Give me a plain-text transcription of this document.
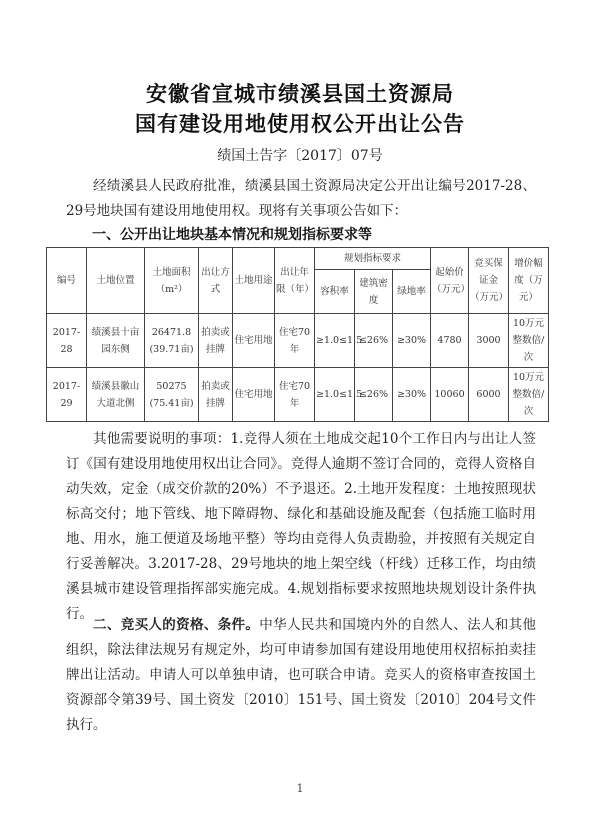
安徽省宣城市绩溪县国土资源局
国有建设用地使用权公开出让公告
绩国土告字〔2017〕07号
经绩溪县人民政府批准，绩溪县国土资源局决定公开出让编号2017-28、29号地块国有建设用地使用权。现将有关事项公告如下：
一、公开出让地块基本情况和规划指标要求等
编号	土地位置	土地面积（m²）	出让方式	土地用途	出让年限（年）	规划指标要求			起始价（万元）	竞买保证金（万元）	增价幅度（万元）
						容积率	建筑密度	绿地率			
2017-28	绩溪县十亩园东侧	26471.8
(39.71亩)	拍卖或挂牌	住宅用地	住宅70年	≥1.0≤1.5	≤26%	≥30%	4780	3000	10万元整数倍/次
2017-29	绩溪县徽山大道北侧	50275
(75.41亩)	拍卖或挂牌	住宅用地	住宅70年	≥1.0≤1.5	≤26%	≥30%	10060	6000	10万元整数倍/次
其他需要说明的事项：1.竞得人须在土地成交起10个工作日内与出让人签订《国有建设用地使用权出让合同》。竞得人逾期不签订合同的，竞得人资格自动失效，定金（成交价款的20%）不予退还。2.土地开发程度：土地按照现状标高交付；地下管线、地下障碍物、绿化和基础设施及配套（包括施工临时用地、用水，施工便道及场地平整）等均由竞得人负责勘验，并按照有关规定自行妥善解决。3.2017-28、29号地块的地上架空线（杆线）迁移工作，均由绩溪县城市建设管理指挥部实施完成。4.规划指标要求按照地块规划设计条件执行。
二、竞买人的资格、条件。中华人民共和国境内外的自然人、法人和其他组织，除法律法规另有规定外，均可申请参加国有建设用地使用权招标拍卖挂牌出让活动。申请人可以单独申请，也可联合申请。竞买人的资格审查按国土资源部令第39号、国土资发〔2010〕151号、国土资发〔2010〕204号文件执行。
1
